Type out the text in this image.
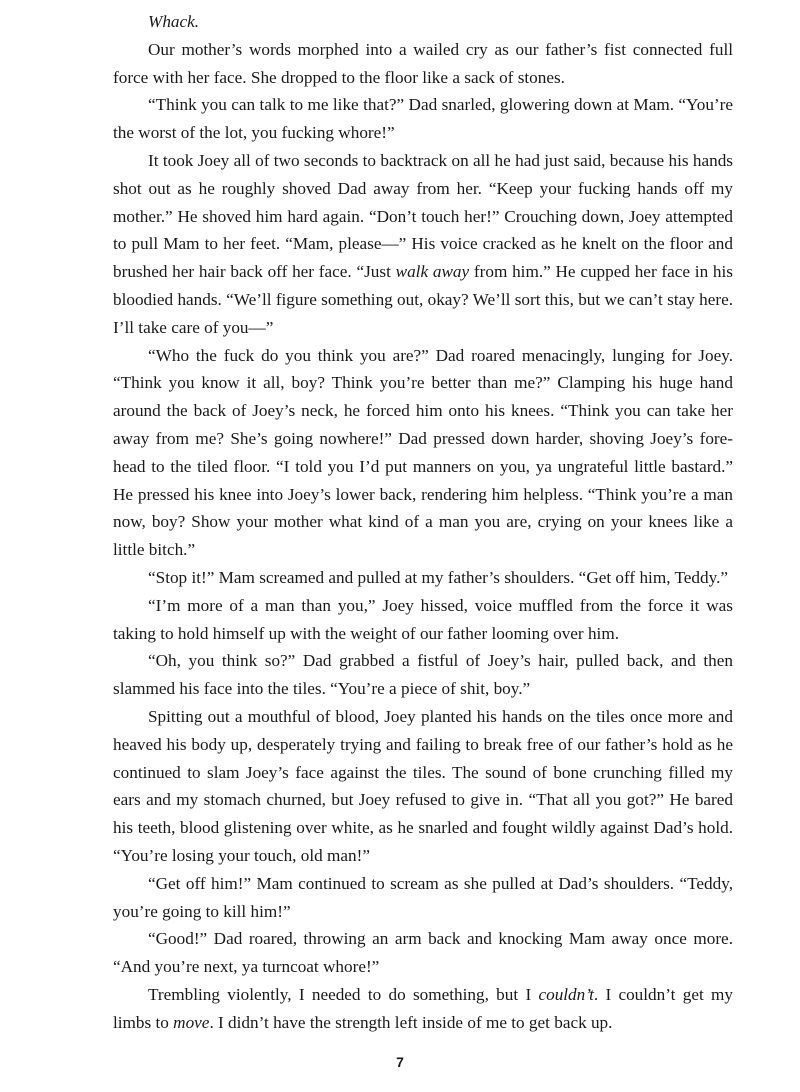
Whack.

Our mother’s words morphed into a wailed cry as our father’s fist connected full force with her face. She dropped to the floor like a sack of stones.

“Think you can talk to me like that?” Dad snarled, glowering down at Mam. “You’re the worst of the lot, you fucking whore!”

It took Joey all of two seconds to backtrack on all he had just said, because his hands shot out as he roughly shoved Dad away from her. “Keep your fucking hands off my mother.” He shoved him hard again. “Don’t touch her!” Crouching down, Joey attempted to pull Mam to her feet. “Mam, please—” His voice cracked as he knelt on the floor and brushed her hair back off her face. “Just walk away from him.” He cupped her face in his bloodied hands. “We’ll figure something out, okay? We’ll sort this, but we can’t stay here. I’ll take care of you—”

“Who the fuck do you think you are?” Dad roared menacingly, lunging for Joey. “Think you know it all, boy? Think you’re better than me?” Clamping his huge hand around the back of Joey’s neck, he forced him onto his knees. “Think you can take her away from me? She’s going nowhere!” Dad pressed down harder, shoving Joey’s forehead to the tiled floor. “I told you I’d put manners on you, ya ungrateful little bastard.” He pressed his knee into Joey’s lower back, rendering him helpless. “Think you’re a man now, boy? Show your mother what kind of a man you are, crying on your knees like a little bitch.”

“Stop it!” Mam screamed and pulled at my father’s shoulders. “Get off him, Teddy.”

“I’m more of a man than you,” Joey hissed, voice muffled from the force it was taking to hold himself up with the weight of our father looming over him.

“Oh, you think so?” Dad grabbed a fistful of Joey’s hair, pulled back, and then slammed his face into the tiles. “You’re a piece of shit, boy.”

Spitting out a mouthful of blood, Joey planted his hands on the tiles once more and heaved his body up, desperately trying and failing to break free of our father’s hold as he continued to slam Joey’s face against the tiles. The sound of bone crunching filled my ears and my stomach churned, but Joey refused to give in. “That all you got?” He bared his teeth, blood glistening over white, as he snarled and fought wildly against Dad’s hold. “You’re losing your touch, old man!”

“Get off him!” Mam continued to scream as she pulled at Dad’s shoulders. “Teddy, you’re going to kill him!”

“Good!” Dad roared, throwing an arm back and knocking Mam away once more. “And you’re next, ya turncoat whore!”

Trembling violently, I needed to do something, but I couldn’t. I couldn’t get my limbs to move. I didn’t have the strength left inside of me to get back up.

7
